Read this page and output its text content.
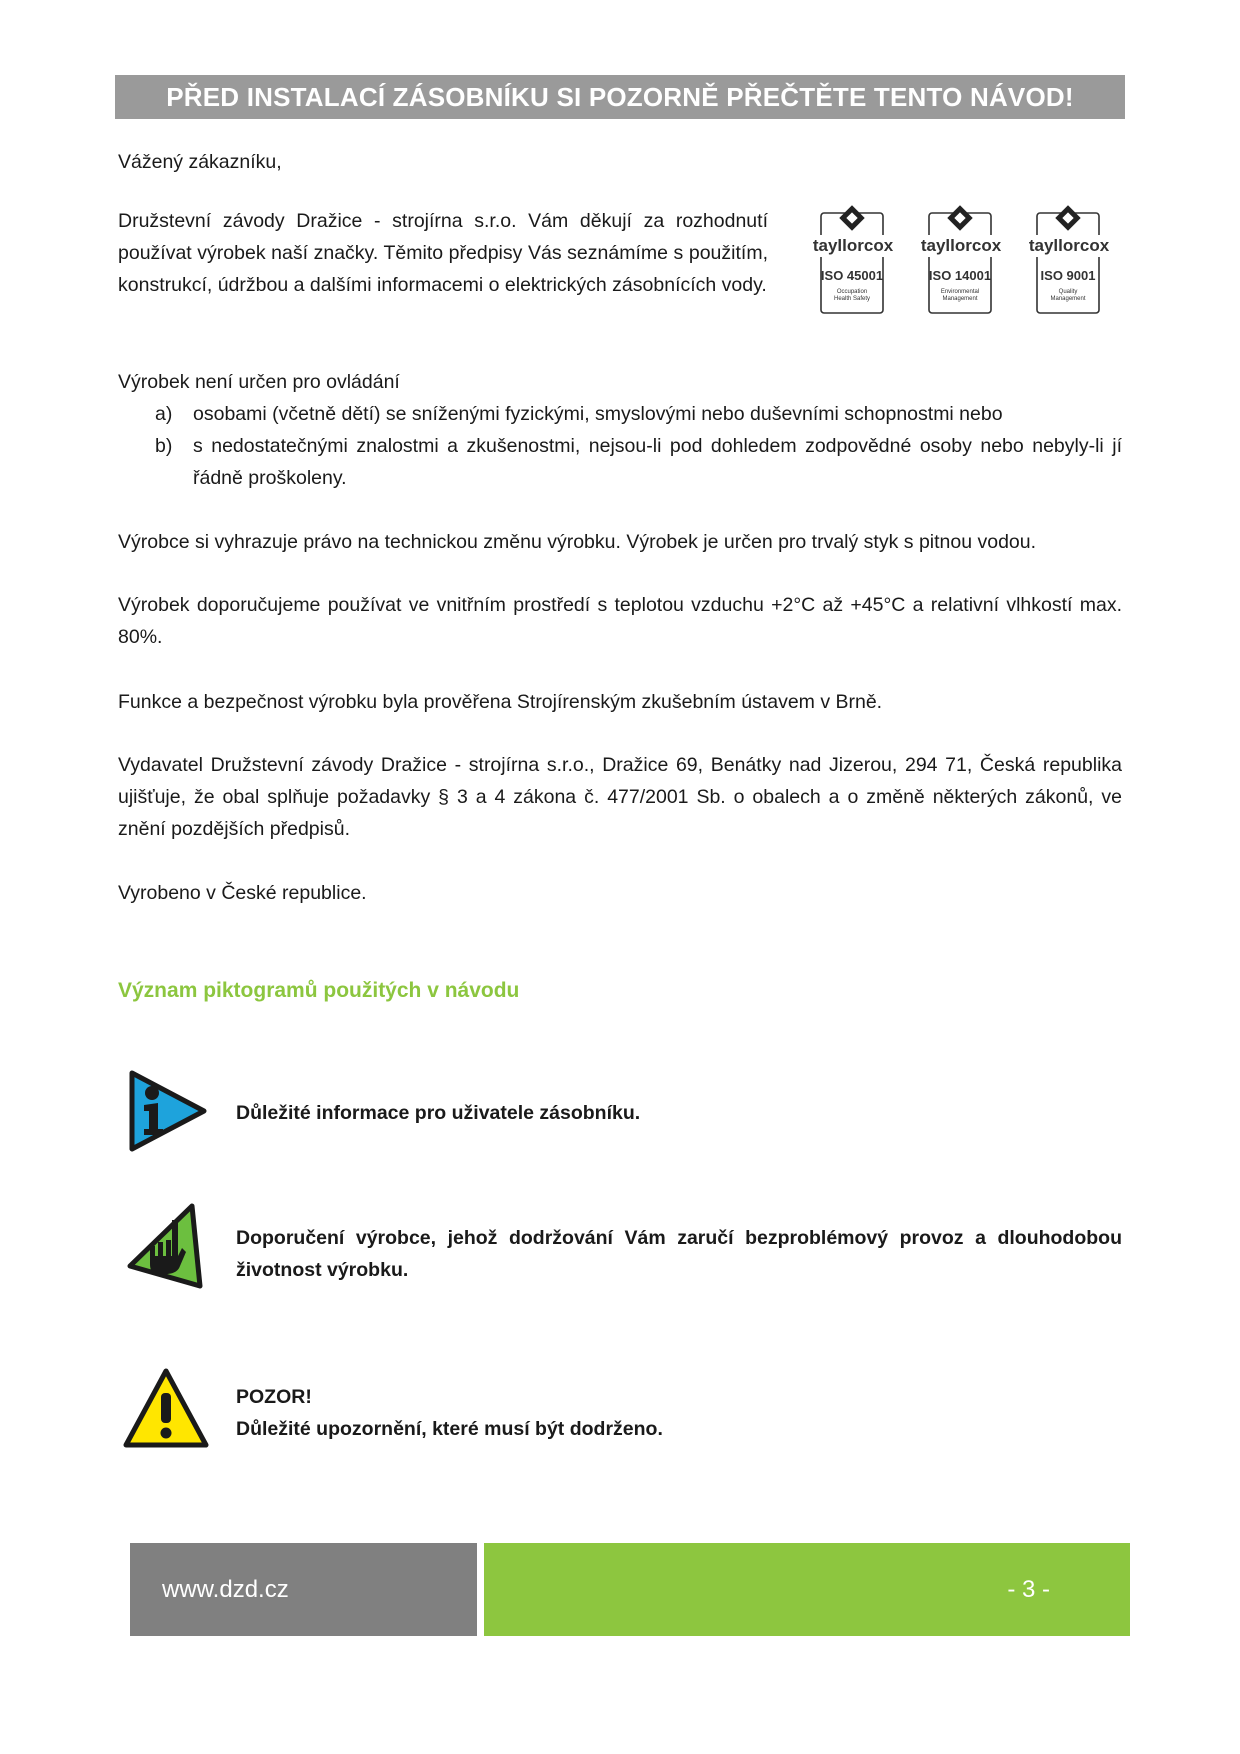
PŘED INSTALACÍ ZÁSOBNÍKU SI POZORNĚ PŘEČTĚTE TENTO NÁVOD!

Vážený zákazníku,

Družstevní závody Dražice - strojírna s.r.o. Vám děkují za rozhodnutí používat výrobek naší značky. Těmito předpisy Vás seznámíme s použitím, konstrukcí, údržbou a dalšími informacemi o elektrických zásobnících vody.

tayllorcox
ISO 45001
Occupation
Health Safety
tayllorcox
ISO 14001
Environmental
Management
tayllorcox
ISO 9001
Quality
Management

Výrobek není určen pro ovládání

a) osobami (včetně dětí) se sníženými fyzickými, smyslovými nebo duševními schopnostmi nebo
b) s nedostatečnými znalostmi a zkušenostmi, nejsou-li pod dohledem zodpovědné osoby nebo nebyly-li jí řádně proškoleny.

Výrobce si vyhrazuje právo na technickou změnu výrobku. Výrobek je určen pro trvalý styk s pitnou vodou.

Výrobek doporučujeme používat ve vnitřním prostředí s teplotou vzduchu +2°C až +45°C a relativní vlhkostí max. 80%.

Funkce a bezpečnost výrobku byla prověřena Strojírenským zkušebním ústavem v Brně.

Vydavatel Družstevní závody Dražice - strojírna s.r.o., Dražice 69, Benátky nad Jizerou, 294 71, Česká republika ujišťuje, že obal splňuje požadavky § 3 a 4 zákona č. 477/2001 Sb. o obalech a o změně některých zákonů, ve znění pozdějších předpisů.

Vyrobeno v České republice.

Význam piktogramů použitých v návodu
Důležité informace pro uživatele zásobníku.
Doporučení výrobce, jehož dodržování Vám zaručí bezproblémový provoz a dlouhodobou životnost výrobku.
POZOR!
Důležité upozornění, které musí být dodrženo.
www.dzd.cz	- 3 -
